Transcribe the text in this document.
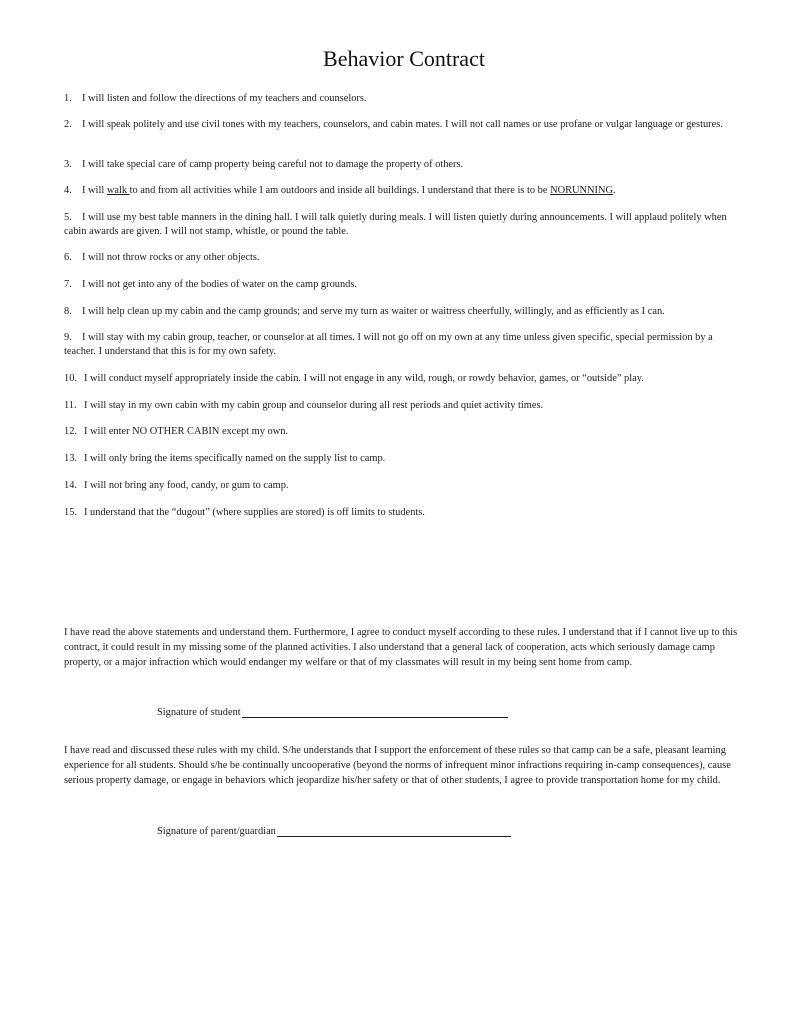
Behavior Contract
1. I will listen and follow the directions of my teachers and counselors.
2. I will speak politely and use civil tones with my teachers, counselors, and cabin mates. I will not call names or use profane or vulgar language or gestures.
3. I will take special care of camp property being careful not to damage the property of others.
4. I will walk to and from all activities while I am outdoors and inside all buildings. I understand that there is to be NORUNNING.
5. I will use my best table manners in the dining hall. I will talk quietly during meals. I will listen quietly during announcements. I will applaud politely when cabin awards are given. I will not stamp, whistle, or pound the table.
6. I will not throw rocks or any other objects.
7. I will not get into any of the bodies of water on the camp grounds.
8. I will help clean up my cabin and the camp grounds; and serve my turn as waiter or waitress cheerfully, willingly, and as efficiently as I can.
9. I will stay with my cabin group, teacher, or counselor at all times. I will not go off on my own at any time unless given specific, special permission by a teacher. I understand that this is for my own safety.
10. I will conduct myself appropriately inside the cabin. I will not engage in any wild, rough, or rowdy behavior, games, or “outside” play.
11. I will stay in my own cabin with my cabin group and counselor during all rest periods and quiet activity times.
12. I will enter NO OTHER CABIN except my own.
13. I will only bring the items specifically named on the supply list to camp.
14. I will not bring any food, candy, or gum to camp.
15. I understand that the “dugout” (where supplies are stored) is off limits to students.
I have read the above statements and understand them. Furthermore, I agree to conduct myself according to these rules. I understand that if I cannot live up to this contract, it could result in my missing some of the planned activities. I also understand that a general lack of cooperation, acts which seriously damage camp property, or a major infraction which would endanger my welfare or that of my classmates will result in my being sent home from camp.
Signature of student
I have read and discussed these rules with my child. S/he understands that I support the enforcement of these rules so that camp can be a safe, pleasant learning experience for all students. Should s/he be continually uncooperative (beyond the norms of infrequent minor infractions requiring in-camp consequences), cause serious property damage, or engage in behaviors which jeopardize his/her safety or that of other students, I agree to provide transportation home for my child.
Signature of parent/guardian
